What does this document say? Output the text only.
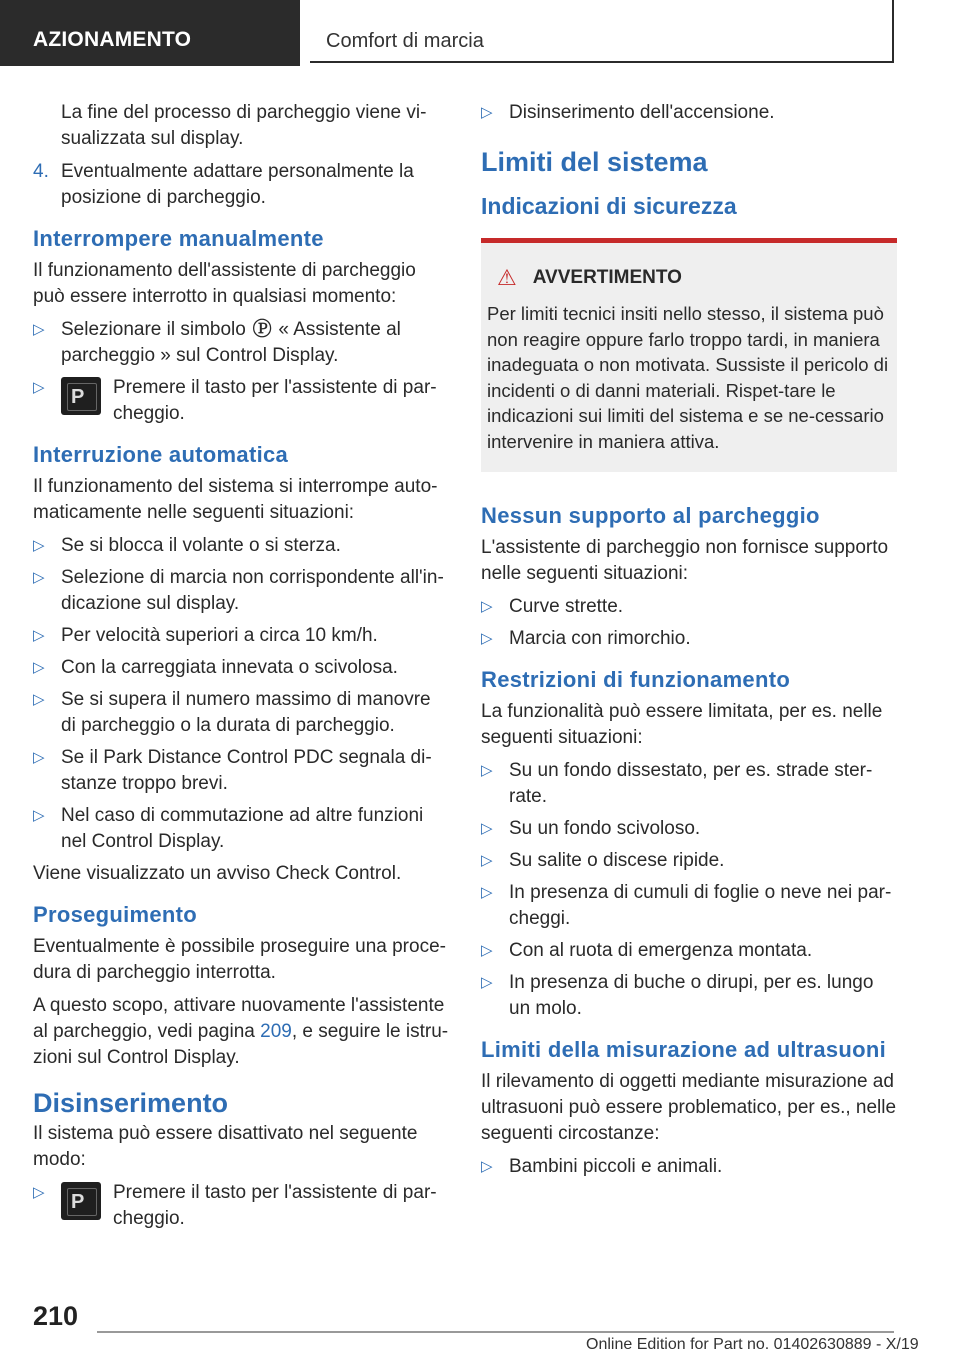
AZIONAMENTO	Comfort di marcia

La fine del processo di parcheggio viene vi-sualizzata sul display.

4. Eventualmente adattare personalmente la posizione di parcheggio.
Interrompere manualmente

Il funzionamento dell'assistente di parcheggio può essere interrotto in qualsiasi momento:

▷ Selezionare il simbolo Ⓟ « Assistente al parcheggio » sul Control Display.
▷ P Premere il tasto per l'assistente di par-cheggio.
Interruzione automatica

Il funzionamento del sistema si interrompe auto-maticamente nelle seguenti situazioni:

▷ Se si blocca il volante o si sterza.
▷ Selezione di marcia non corrispondente all'in-dicazione sul display.
▷ Per velocità superiori a circa 10 km/h.
▷ Con la carreggiata innevata o scivolosa.
▷ Se si supera il numero massimo di manovre di parcheggio o la durata di parcheggio.
▷ Se il Park Distance Control PDC segnala di-stanze troppo brevi.
▷ Nel caso di commutazione ad altre funzioni nel Control Display.

Viene visualizzato un avviso Check Control.

Proseguimento

Eventualmente è possibile proseguire una proce-dura di parcheggio interrotta.

A questo scopo, attivare nuovamente l'assistente al parcheggio, vedi pagina 209, e seguire le istru-zioni sul Control Display.

Disinserimento

Il sistema può essere disattivato nel seguente modo:

▷ P Premere il tasto per l'assistente di par-cheggio.
▷ Disinserimento dell'accensione.
Limiti del sistema
Indicazioni di sicurezza
⚠ AVVERTIMENTO

Per limiti tecnici insiti nello stesso, il sistema può non reagire oppure farlo troppo tardi, in maniera inadeguata o non motivata. Sussiste il pericolo di incidenti o di danni materiali. Rispet-tare le indicazioni sui limiti del sistema e se ne-cessario intervenire in maniera attiva.

Nessun supporto al parcheggio

L'assistente di parcheggio non fornisce supporto nelle seguenti situazioni:

▷ Curve strette.
▷ Marcia con rimorchio.
Restrizioni di funzionamento

La funzionalità può essere limitata, per es. nelle seguenti situazioni:

▷ Su un fondo dissestato, per es. strade ster-rate.
▷ Su un fondo scivoloso.
▷ Su salite o discese ripide.
▷ In presenza di cumuli di foglie o neve nei par-cheggi.
▷ Con al ruota di emergenza montata.
▷ In presenza di buche o dirupi, per es. lungo un molo.
Limiti della misurazione ad ultrasuoni

Il rilevamento di oggetti mediante misurazione ad ultrasuoni può essere problematico, per es., nelle seguenti circostanze:

▷ Bambini piccoli e animali.
210
Online Edition for Part no. 01402630889 - X/19
